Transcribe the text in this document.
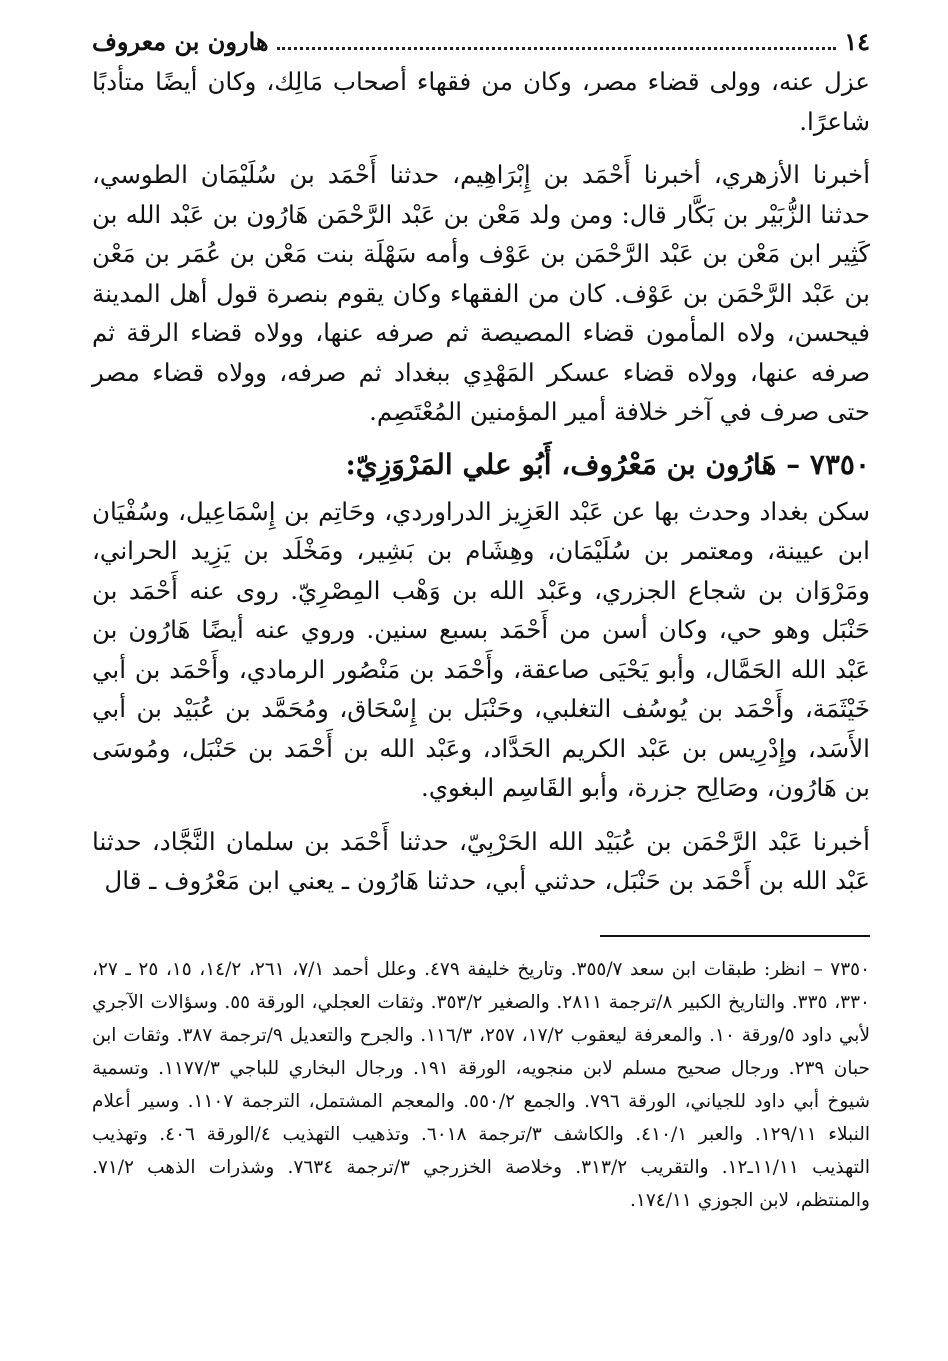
١٤
هارون بن معروف

عزل عنه، وولى قضاء مصر، وكان من فقهاء أصحاب مَالِك، وكان أيضًا متأدبًا شاعرًا.

أخبرنا الأزهري، أخبرنا أَحْمَد بن إِبْرَاهِيم، حدثنا أَحْمَد بن سُلَيْمَان الطوسي، حدثنا الزُّبَيْر بن بَكَّار قال: ومن ولد مَعْن بن عَبْد الرَّحْمَن هَارُون بن عَبْد الله بن كَثِير ابن مَعْن بن عَبْد الرَّحْمَن بن عَوْف وأمه سَهْلَة بنت مَعْن بن عُمَر بن مَعْن بن عَبْد الرَّحْمَن بن عَوْف. كان من الفقهاء وكان يقوم بنصرة قول أهل المدينة فيحسن، ولاه المأمون قضاء المصيصة ثم صرفه عنها، وولاه قضاء الرقة ثم صرفه عنها، وولاه قضاء عسكر المَهْدِي ببغداد ثم صرفه، وولاه قضاء مصر حتى صرف في آخر خلافة أمير المؤمنين المُعْتَصِم.

٧٣٥٠ – هَارُون بن مَعْرُوف، أَبُو علي المَرْوَزِيّ:

سكن بغداد وحدث بها عن عَبْد العَزِيز الدراوردي، وحَاتِم بن إِسْمَاعِيل، وسُفْيَان ابن عيينة، ومعتمر بن سُلَيْمَان، وهِشَام بن بَشِير، ومَخْلَد بن يَزِيد الحراني، ومَرْوَان بن شجاع الجزري، وعَبْد الله بن وَهْب المِصْرِيّ. روى عنه أَحْمَد بن حَنْبَل وهو حي، وكان أسن من أَحْمَد بسبع سنين. وروي عنه أيضًا هَارُون بن عَبْد الله الحَمَّال، وأبو يَحْيَى صاعقة، وأَحْمَد بن مَنْصُور الرمادي، وأَحْمَد بن أبي خَيْثَمَة، وأَحْمَد بن يُوسُف التغلبي، وحَنْبَل بن إِسْحَاق، ومُحَمَّد بن عُبَيْد بن أبي الأَسَد، وإِدْرِيس بن عَبْد الكريم الحَدَّاد، وعَبْد الله بن أَحْمَد بن حَنْبَل، ومُوسَى بن هَارُون، وصَالِح جزرة، وأبو القَاسِم البغوي.

أخبرنا عَبْد الرَّحْمَن بن عُبَيْد الله الحَرْبِيّ، حدثنا أَحْمَد بن سلمان النَّجَّاد، حدثنا عَبْد الله بن أَحْمَد بن حَنْبَل، حدثني أبي، حدثنا هَارُون ـ يعني ابن مَعْرُوف ـ قال

٧٣٥٠ – انظر: طبقات ابن سعد ٣٥٥/٧. وتاريخ خليفة ٤٧٩. وعلل أحمد ٧/١، ٢٦١، ١٤/٢، ١٥، ٢٥ ـ ٢٧، ٣٣٠، ٣٣٥. والتاريخ الكبير ٨/ترجمة ٢٨١١. والصغير ٣٥٣/٢. وثقات العجلي، الورقة ٥٥. وسؤالات الآجري لأبي داود ٥/ورقة ١٠. والمعرفة ليعقوب ١٧/٢، ٢٥٧، ١١٦/٣. والجرح والتعديل ٩/ترجمة ٣٨٧. وثقات ابن حبان ٢٣٩. ورجال صحيح مسلم لابن منجويه، الورقة ١٩١. ورجال البخاري للباجي ١١٧٧/٣. وتسمية شيوخ أبي داود للجياني، الورقة ٧٩٦. والجمع ٥٥٠/٢. والمعجم المشتمل، الترجمة ١١٠٧. وسير أعلام النبلاء ١٢٩/١١. والعبر ٤١٠/١. والكاشف ٣/ترجمة ٦٠١٨. وتذهيب التهذيب ٤/الورقة ٤٠٦. وتهذيب التهذيب ١١/١١ـ١٢. والتقريب ٣١٣/٢. وخلاصة الخزرجي ٣/ترجمة ٧٦٣٤. وشذرات الذهب ٧١/٢. والمنتظم، لابن الجوزي ١٧٤/١١.
